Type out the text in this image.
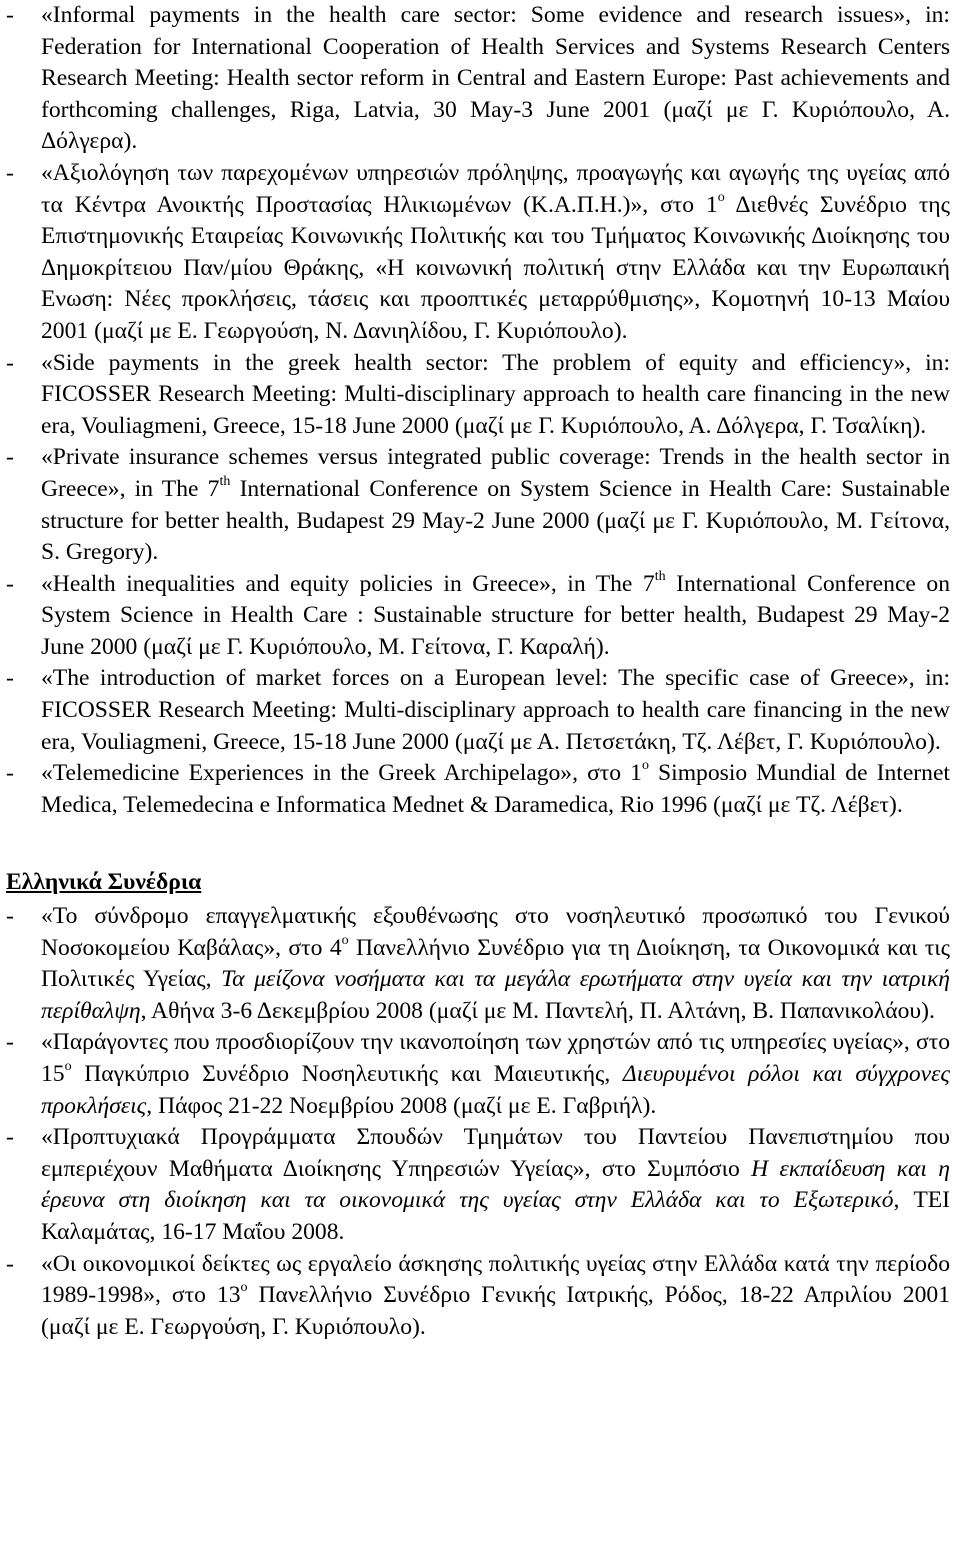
- «Informal payments in the health care sector: Some evidence and research issues», in: Federation for International Cooperation of Health Services and Systems Research Centers Research Meeting: Health sector reform in Central and Eastern Europe: Past achievements and forthcoming challenges, Riga, Latvia, 30 May-3 June 2001 (μαζί με Γ. Κυριόπουλο, Α. Δόλγερα).
- «Αξιολόγηση των παρεχομένων υπηρεσιών πρόληψης, προαγωγής και αγωγής της υγείας από τα Κέντρα Ανοικτής Προστασίας Ηλικιωμένων (Κ.Α.Π.Η.)», στο $1^o$ Διεθνές Συνέδριο της Επιστημονικής Εταιρείας Κοινωνικής Πολιτικής και του Τμήματος Κοινωνικής Διοίκησης του Δημοκρίτειου Παν/μίου Θράκης, «Η κοινωνική πολιτική στην Ελλάδα και την Ευρωπαική Ενωση: Νέες προκλήσεις, τάσεις και προοπτικές μεταρρύθμισης», Κομοτηνή 10-13 Μαίου 2001 (μαζί με Ε. Γεωργούση, Ν. Δανιηλίδου, Γ. Κυριόπουλο).
- «Side payments in the greek health sector: The problem of equity and efficiency», in: FICOSSER Research Meeting: Multi-disciplinary approach to health care financing in the new era, Vouliagmeni, Greece, 15-18 June 2000 (μαζί με Γ. Κυριόπουλο, Α. Δόλγερα, Γ. Τσαλίκη).
- «Private insurance schemes versus integrated public coverage: Trends in the health sector in Greece», in The 7th International Conference on System Science in Health Care: Sustainable structure for better health, Budapest 29 May-2 June 2000 (μαζί με Γ. Κυριόπουλο, Μ. Γείτονα, S. Gregory).
- «Health inequalities and equity policies in Greece», in The 7th International Conference on System Science in Health Care : Sustainable structure for better health, Budapest 29 May-2 June 2000 (μαζί με Γ. Κυριόπουλο, Μ. Γείτονα, Γ. Καραλή).
- «The introduction of market forces on a European level: The specific case of Greece», in: FICOSSER Research Meeting: Multi-disciplinary approach to health care financing in the new era, Vouliagmeni, Greece, 15-18 June 2000 (μαζί με Α. Πετσετάκη, Τζ. Λέβετ, Γ. Κυριόπουλο).
- «Telemedicine Experiences in the Greek Archipelago», στο 1$^o$ Simposio Mundial de Internet Medica, Telemedecina e Informatica Mednet & Daramedica, Rio 1996 (μαζί με Τζ. Λέβετ).
Ελληνικά Συνέδρια
- «Το σύνδρομο επαγγελματικής εξουθένωσης στο νοσηλευτικό προσωπικό του Γενικού Νοσοκομείου Καβάλας», στο $4^o$ Πανελλήνιο Συνέδριο για τη Διοίκηση, τα Οικονομικά και τις Πολιτικές Υγείας, Τα μείζονα νοσήματα και τα μεγάλα ερωτήματα στην υγεία και την ιατρική περίθαλψη, Αθήνα 3-6 Δεκεμβρίου 2008 (μαζί με Μ. Παντελή, Π. Αλτάνη, Β. Παπανικολάου).
- «Παράγοντες που προσδιορίζουν την ικανοποίηση των χρηστών από τις υπηρεσίες υγείας», στο $15^o$ Παγκύπριο Συνέδριο Νοσηλευτικής και Μαιευτικής, Διευρυμένοι ρόλοι και σύγχρονες προκλήσεις, Πάφος 21-22 Νοεμβρίου 2008 (μαζί με Ε. Γαβριήλ).
- «Προπτυχιακά Προγράμματα Σπουδών Τμημάτων του Παντείου Πανεπιστημίου που εμπεριέχουν Μαθήματα Διοίκησης Υπηρεσιών Υγείας», στο Συμπόσιο Η εκπαίδευση και η έρευνα στη διοίκηση και τα οικονομικά της υγείας στην Ελλάδα και το Εξωτερικό, TEI Καλαμάτας, 16-17 Μαΐου 2008.
- «Οι οικονομικοί δείκτες ως εργαλείο άσκησης πολιτικής υγείας στην Ελλάδα κατά την περίοδο 1989-1998», στο $13^o$ Πανελλήνιο Συνέδριο Γενικής Ιατρικής, Ρόδος, 18-22 Απριλίου 2001 (μαζί με Ε. Γεωργούση, Γ. Κυριόπουλο).
